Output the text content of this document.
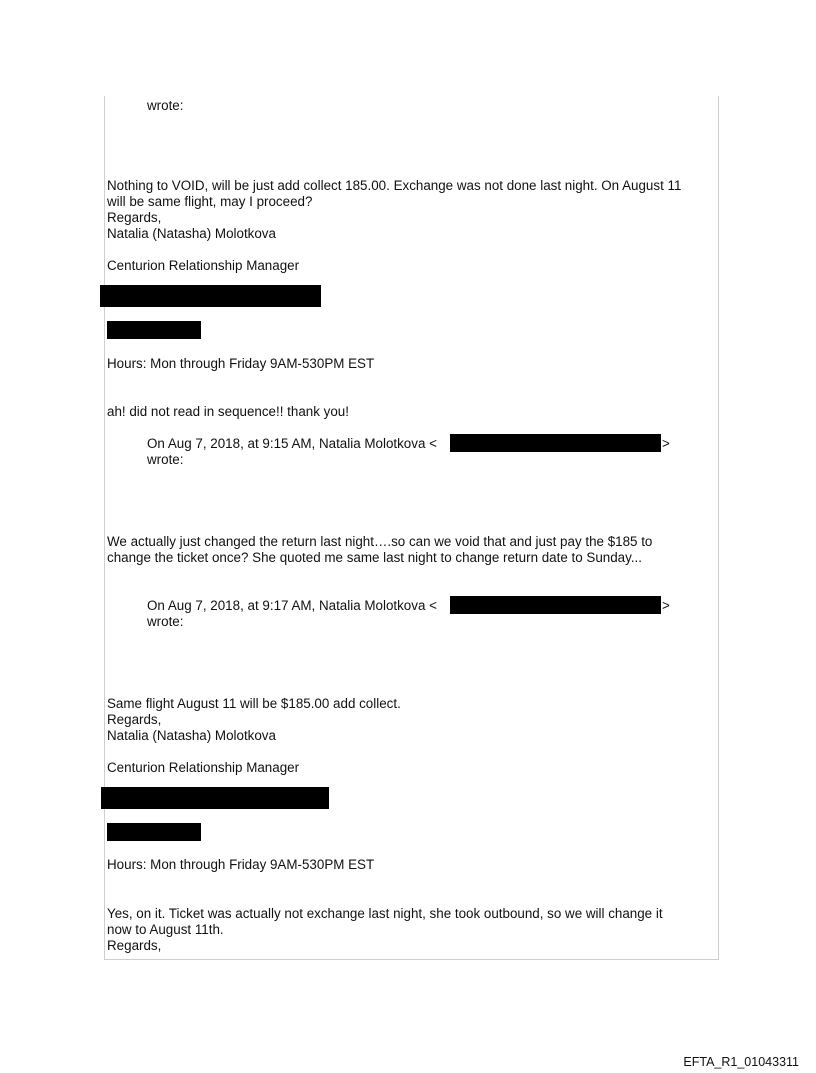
wrote:
Nothing to VOID, will be just add collect 185.00. Exchange was not done last night. On August 11
will be same flight, may I proceed?
Regards,
Natalia (Natasha) Molotkova
Centurion Relationship Manager
Hours: Mon through Friday 9AM-530PM EST
ah! did not read in sequence!! thank you!
On Aug 7, 2018, at 9:15 AM, Natalia Molotkova <	>
wrote:
We actually just changed the return last night….so can we void that and just pay the $185 to
change the ticket once? She quoted me same last night to change return date to Sunday...
On Aug 7, 2018, at 9:17 AM, Natalia Molotkova <	>
wrote:
Same flight August 11 will be $185.00 add collect.
Regards,
Natalia (Natasha) Molotkova
Centurion Relationship Manager
Hours: Mon through Friday 9AM-530PM EST
Yes, on it. Ticket was actually not exchange last night, she took outbound, so we will change it
now to August 11th.
Regards,
EFTA_R1_01043311
